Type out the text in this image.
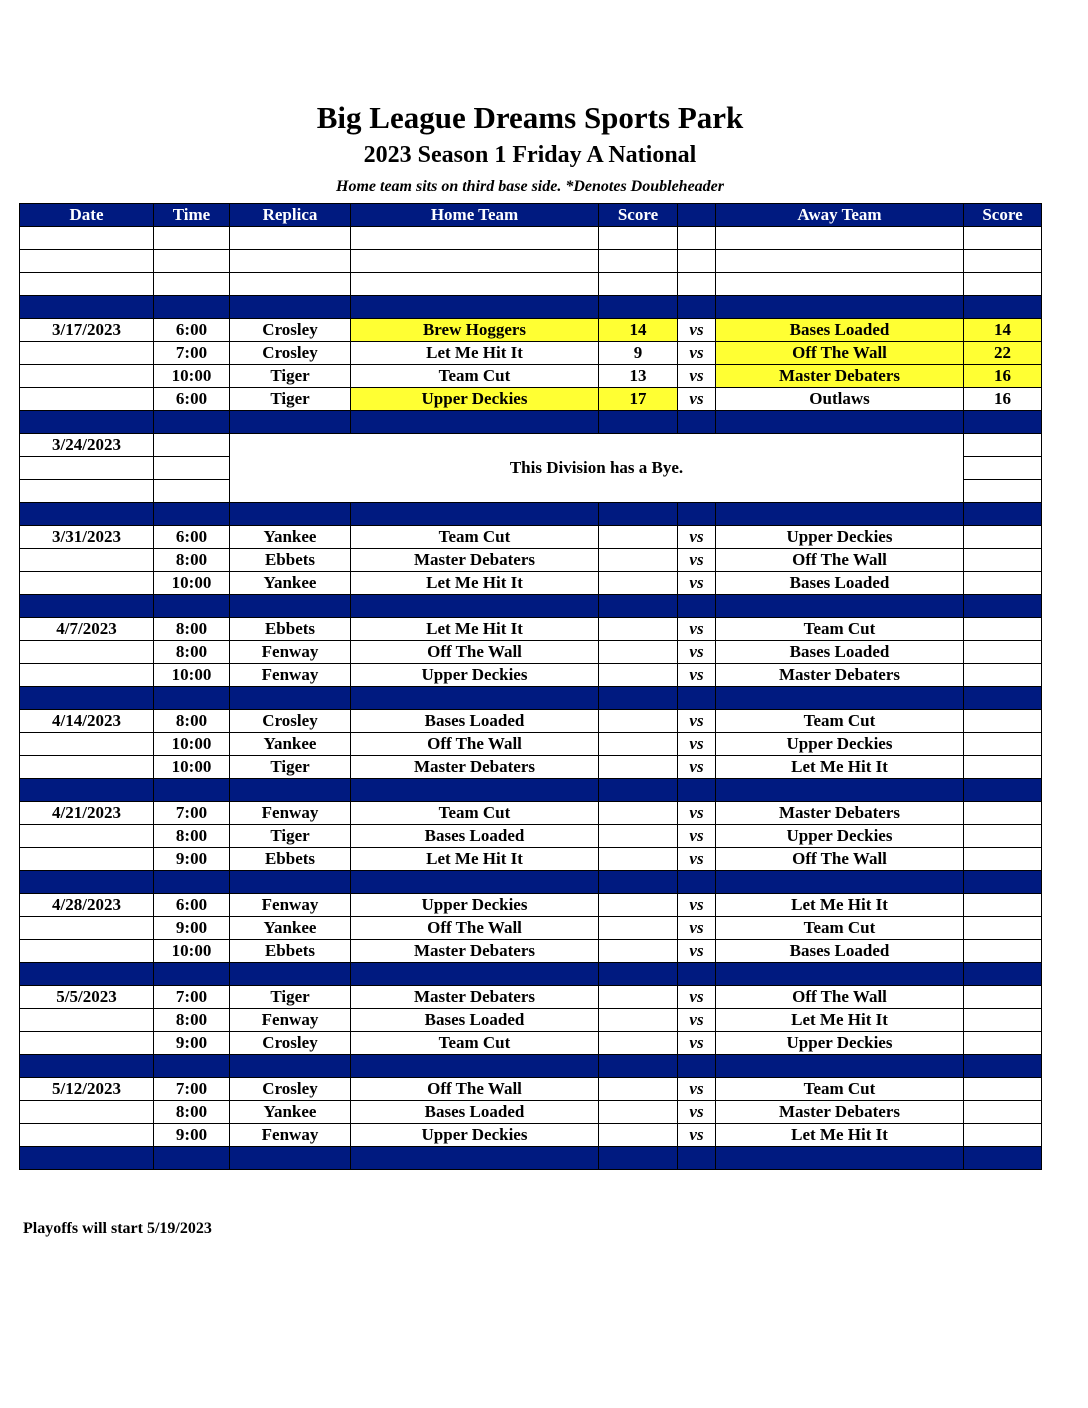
Big League Dreams Sports Park
2023 Season 1 Friday A National
Home team sits on third base side. *Denotes Doubleheader
Date	Time	Replica	Home Team	Score		Away Team	Score

3/17/2023	6:00	Crosley	Brew Hoggers	14	vs	Bases Loaded	14
	7:00	Crosley	Let Me Hit It	9	vs	Off The Wall	22
	10:00	Tiger	Team Cut	13	vs	Master Debaters	16
	6:00	Tiger	Upper Deckies	17	vs	Outlaws	16

3/24/2023		This Division has a Bye.					

3/31/2023	6:00	Yankee	Team Cut		vs	Upper Deckies	
	8:00	Ebbets	Master Debaters		vs	Off The Wall	
	10:00	Yankee	Let Me Hit It		vs	Bases Loaded	

4/7/2023	8:00	Ebbets	Let Me Hit It		vs	Team Cut	
	8:00	Fenway	Off The Wall		vs	Bases Loaded	
	10:00	Fenway	Upper Deckies		vs	Master Debaters	

4/14/2023	8:00	Crosley	Bases Loaded		vs	Team Cut	
	10:00	Yankee	Off The Wall		vs	Upper Deckies	
	10:00	Tiger	Master Debaters		vs	Let Me Hit It	

4/21/2023	7:00	Fenway	Team Cut		vs	Master Debaters	
	8:00	Tiger	Bases Loaded		vs	Upper Deckies	
	9:00	Ebbets	Let Me Hit It		vs	Off The Wall	

4/28/2023	6:00	Fenway	Upper Deckies		vs	Let Me Hit It	
	9:00	Yankee	Off The Wall		vs	Team Cut	
	10:00	Ebbets	Master Debaters		vs	Bases Loaded	

5/5/2023	7:00	Tiger	Master Debaters		vs	Off The Wall	
	8:00	Fenway	Bases Loaded		vs	Let Me Hit It	
	9:00	Crosley	Team Cut		vs	Upper Deckies	

5/12/2023	7:00	Crosley	Off The Wall		vs	Team Cut	
	8:00	Yankee	Bases Loaded		vs	Master Debaters	
	9:00	Fenway	Upper Deckies		vs	Let Me Hit It	

Playoffs will start 5/19/2023
